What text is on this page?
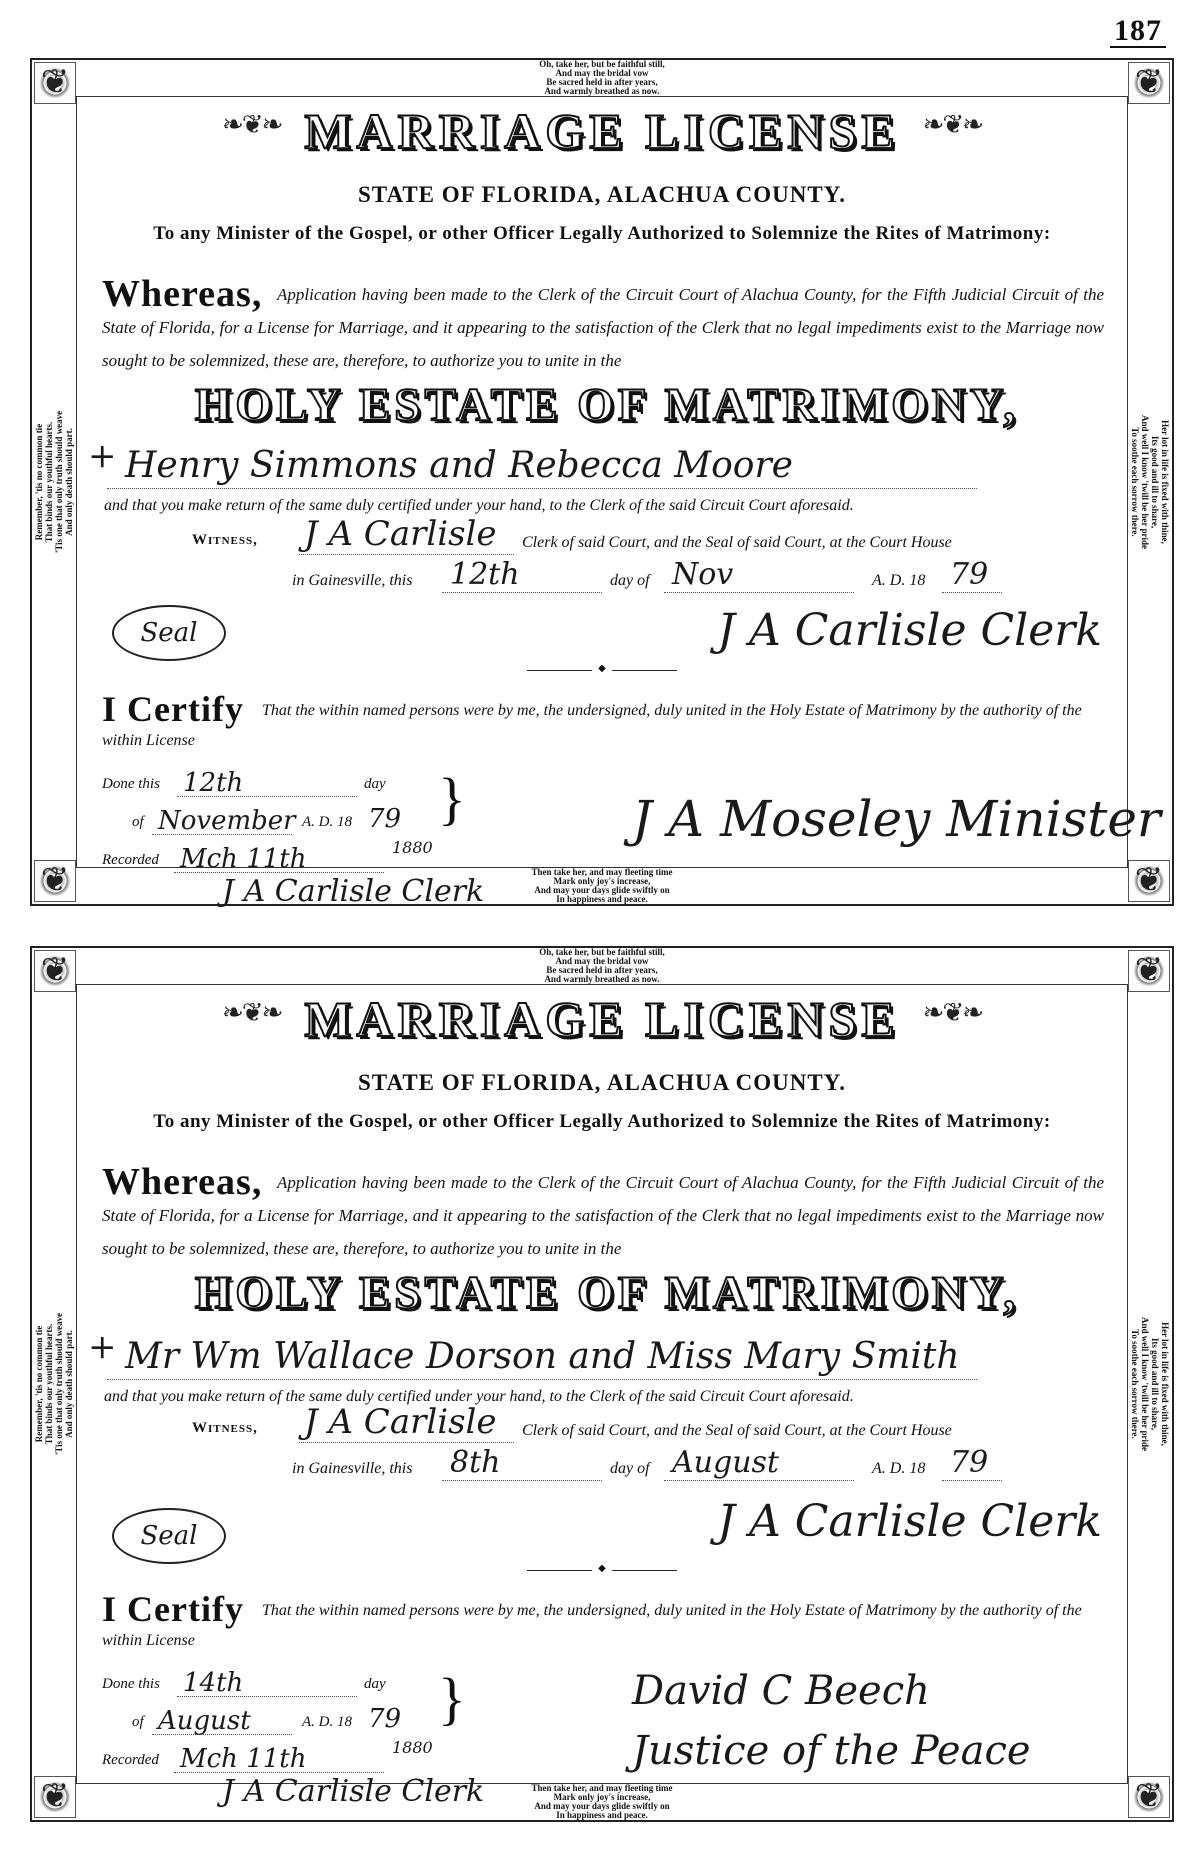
187
❦	❦
❦	❦
Oh, take her, but be faithful still,
And may the bridal vow
Be sacred held in after years,
And warmly breathed as now.
Then take her, and may fleeting time
Mark only joy's increase,
And may your days glide swiftly on
In happiness and peace.
Remember, 'tis no common tie That binds our youthful hearts. 'Tis one that only truth should weave And only death should part.	Her lot in life is fixed with thine,
Its good and ill to share,
And well I know 'twill be her pride
To soothe each sorrow there.
❧❦❧	❧❦❧
MARRIAGE LICENSE
STATE OF FLORIDA, ALACHUA COUNTY.
To any Minister of the Gospel, or other Officer Legally Authorized to Solemnize the Rites of Matrimony:
Whereas, Application having been made to the Clerk of the Circuit Court of Alachua County, for the Fifth Judicial Circuit of the State of Florida, for a License for Marriage, and it appearing to the satisfaction of the Clerk that no legal impediments exist to the Marriage now sought to be solemnized, these are, therefore, to authorize you to unite in the
HOLY ESTATE OF MATRIMONY,
+ Henry Simmons and Rebecca Moore
and that you make return of the same duly certified under your hand, to the Clerk of the said Circuit Court aforesaid.
Witness, J A Carlisle Clerk of said Court, and the Seal of said Court, at the Court House
in Gainesville, this 12th	day of Nov	A. D. 18 79
Seal	J A Carlisle Clerk
◆
I Certify	That the within named persons were by me, the undersigned, duly united in the Holy Estate of Matrimony by the authority of the within License
Done this 12th	day
of November A. D. 18 79 }
Recorded Mch 11th	1880
J A Carlisle Clerk
J A Moseley Minister
❦	❦
❦	❦
Oh, take her, but be faithful still,
And may the bridal vow
Be sacred held in after years,
And warmly breathed as now.
Then take her, and may fleeting time
Mark only joy's increase,
And may your days glide swiftly on
In happiness and peace.
Remember, 'tis no common tie That binds our youthful hearts. 'Tis one that only truth should weave And only death should part.	Her lot in life is fixed with thine,
Its good and ill to share,
And well I know 'twill be her pride
To soothe each sorrow there.
❧❦❧	❧❦❧
MARRIAGE LICENSE
STATE OF FLORIDA, ALACHUA COUNTY.
To any Minister of the Gospel, or other Officer Legally Authorized to Solemnize the Rites of Matrimony:
Whereas, Application having been made to the Clerk of the Circuit Court of Alachua County, for the Fifth Judicial Circuit of the State of Florida, for a License for Marriage, and it appearing to the satisfaction of the Clerk that no legal impediments exist to the Marriage now sought to be solemnized, these are, therefore, to authorize you to unite in the
HOLY ESTATE OF MATRIMONY,
+ Mr Wm Wallace Dorson and Miss Mary Smith
and that you make return of the same duly certified under your hand, to the Clerk of the said Circuit Court aforesaid.
Witness, J A Carlisle Clerk of said Court, and the Seal of said Court, at the Court House
in Gainesville, this 8th	day of August	A. D. 18 79
Seal	J A Carlisle Clerk
◆
I Certify	That the within named persons were by me, the undersigned, duly united in the Holy Estate of Matrimony by the authority of the within License
Done this 14th	day
of August	A. D. 18 79 }
Recorded Mch 11th	1880
J A Carlisle Clerk
David C Beech
Justice of the Peace
